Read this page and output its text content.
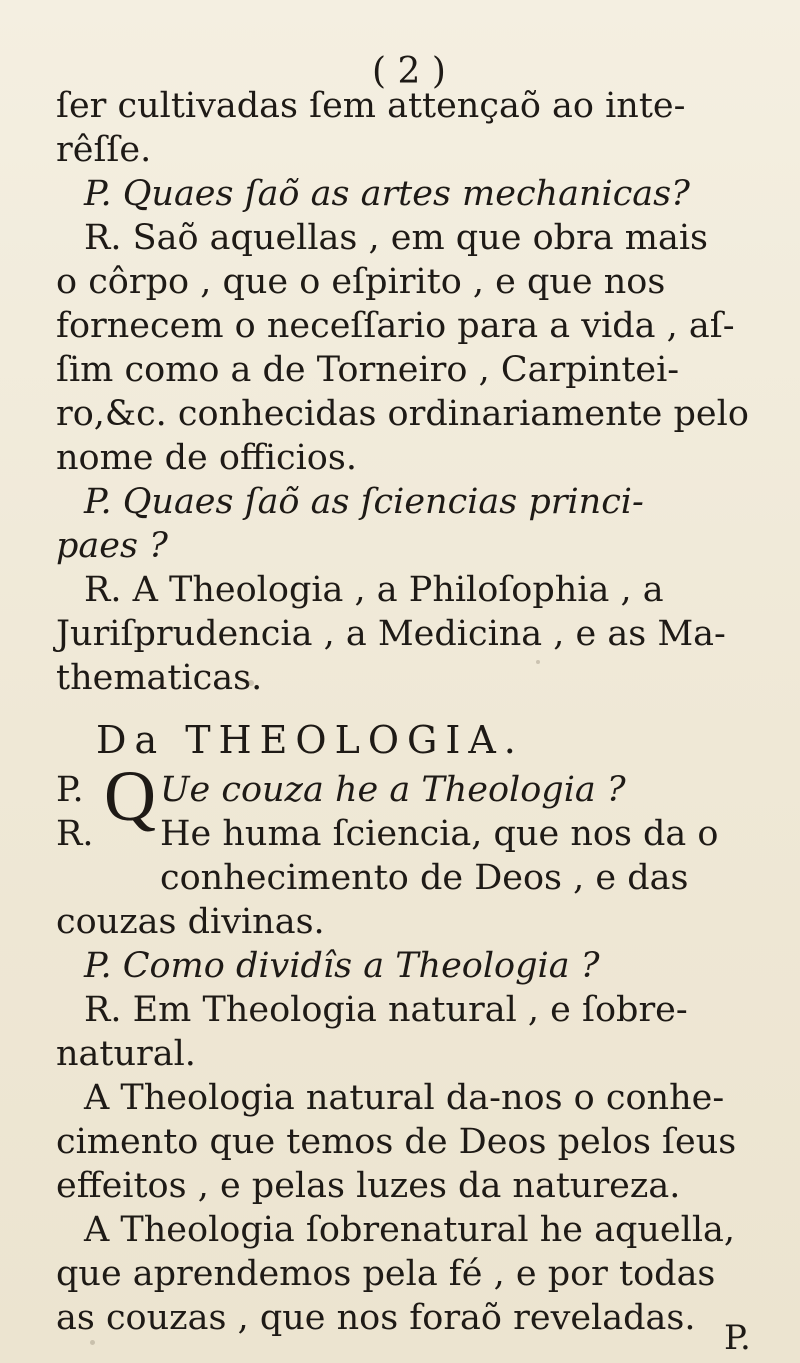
( 2 )
ſer cultivadas ſem attençaõ ao inte-
rêſſe.
P. Quaes ſaõ as artes mechanicas?
R. Saõ aquellas , em que obra mais
o côrpo , que o eſpirito , e que nos
fornecem o neceſſario para a vida , aſ-
ſim como a de Torneiro , Carpintei-
ro,&c. conhecidas ordinariamente pelo
nome de officios.
P. Quaes ſaõ as ſciencias princi-
paes ?
R. A Theologia , a Philoſophia , a
Juriſprudencia , a Medicina , e as Ma-
thematicas.
Da THEOLOGIA.
P. Q Ue couza he a Theologia ?
R. He huma ſciencia, que nos da o
conhecimento de Deos , e das
couzas divinas.
P. Como dividîs a Theologia ?
R. Em Theologia natural , e ſobre-
natural.
A Theologia natural da-nos o conhe-
cimento que temos de Deos pelos ſeus
effeitos , e pelas luzes da natureza.
A Theologia ſobrenatural he aquella,
que aprendemos pela fé , e por todas
as couzas , que nos foraõ reveladas. P.
